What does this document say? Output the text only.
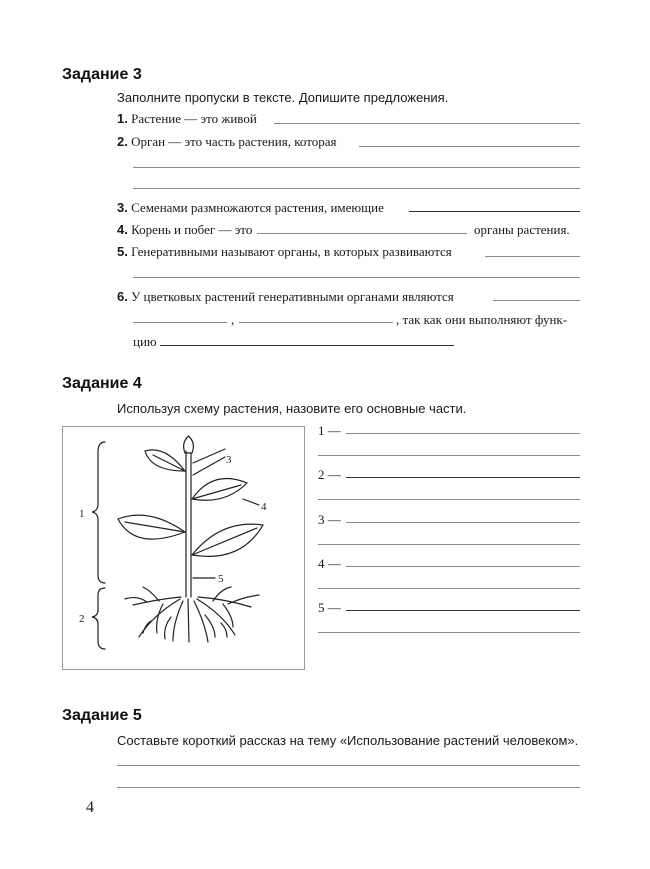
Задание 3
Заполните пропуски в тексте. Допишите предложения.
1. Растение — это живой
2. Орган — это часть растения, которая
3. Семенами размножаются растения, имеющие
4. Корень и побег — это	органы растения.
5. Генеративными называют органы, в которых развиваются
6. У цветковых растений генеративными органами являются
,	, так как они выполняют функ-
цию
Задание 4
Используя схему растения, назовите его основные части.
1
2
3
4
5
1 —
2 —
3 —
4 —
5 —
Задание 5
Составьте короткий рассказ на тему «Использование растений человеком».
4
